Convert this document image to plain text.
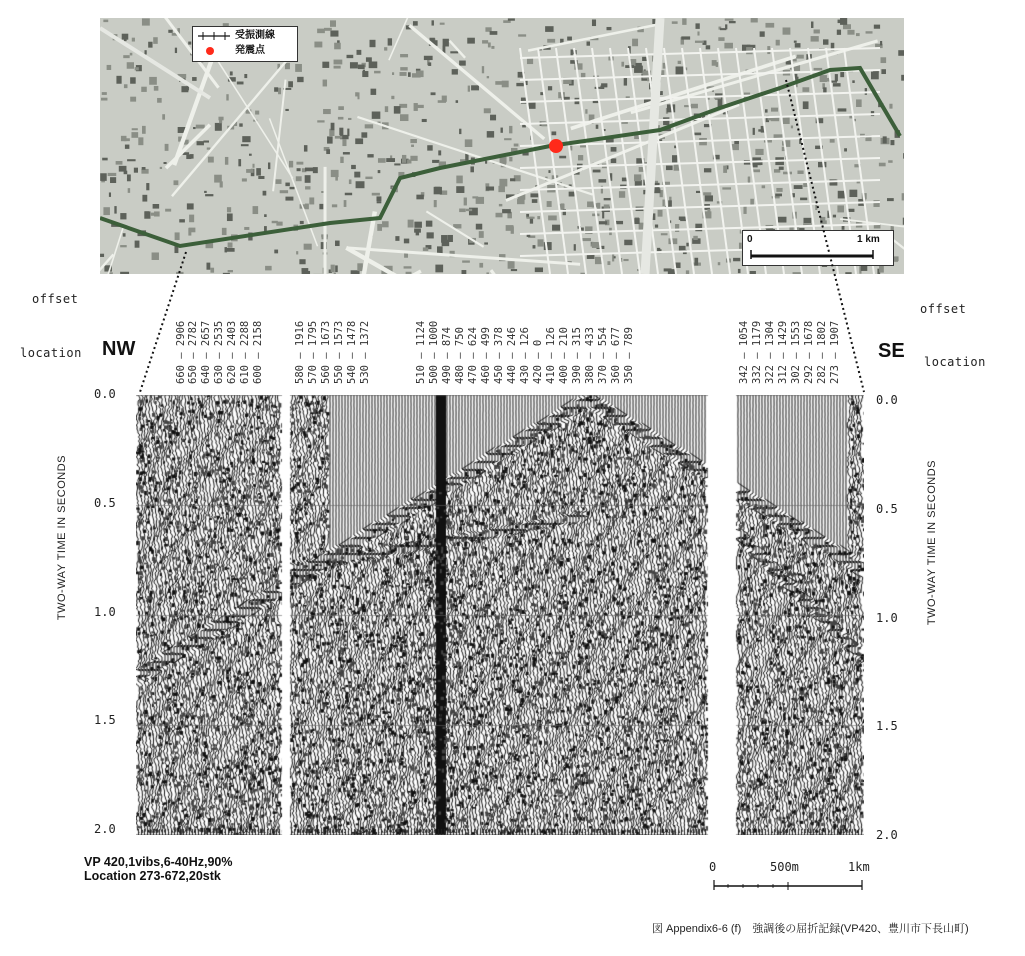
受振測線
発震点
0	1 km
offset
location NW	SE
offset
location
660 — 2906 650 — 2782 640 — 2657 630 — 2535 620 — 2403 610 — 2288 600 — 2158	580 — 1916 570 — 1795 560 — 1673 550 — 1573 540 — 1478 530 — 1372	510 — 1124 500 — 1000 490 — 874 480 — 750 470 — 624 460 — 499 450 — 378 440 — 246 430 — 126 420 — 0 410 — 126 400 — 210 390 — 315 380 — 433 370 — 554 360 — 677 350 — 789	342 — 1054 332 — 1179 322 — 1304 312 — 1429 302 — 1553 292 — 1678 282 — 1802 273 — 1907
0.0
0.5
1.0
1.5
2.0
0.0
0.5
1.0
1.5
2.0
TWO-WAY TIME IN SECONDS	TWO-WAY TIME IN SECONDS
VP 420,1vibs,6-40Hz,90%
Location 273-672,20stk
0	500m	1km
図 Appendix6-6 (f)　強調後の屈折記録(VP420、豊川市下長山町)
